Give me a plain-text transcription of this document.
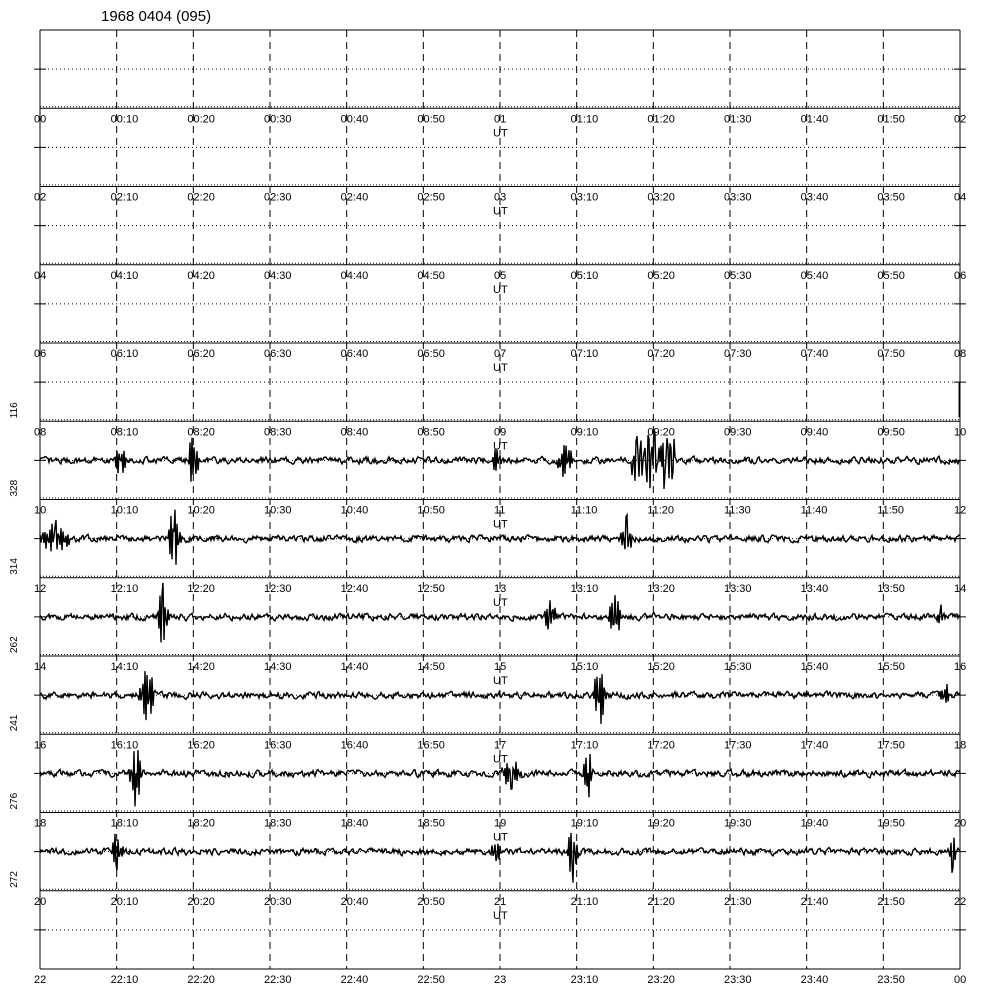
1968 0404 (095)
00	00:10	00:20	00:30	00:40	00:50	01	01:10	01:20	01:30	01:40	01:50	02
UT
02	02:10	02:20	02:30	02:40	02:50	03	03:10	03:20	03:30	03:40	03:50	04
UT
04	04:10	04:20	04:30	04:40	04:50	05	05:10	05:20	05:30	05:40	05:50	06
UT
06	06:10	06:20	06:30	06:40	06:50	07	07:10	07:20	07:30	07:40	07:50	08
UT
08	08:10	08:20	08:30	08:40	08:50	09	09:10	09:20	09:30	09:40	09:50	10
UT
116
10	10:10	10:20	10:30	10:40	10:50	11	11:10	11:20	11:30	11:40	11:50	12
UT
328
12	12:10	12:20	12:30	12:40	12:50	13	13:10	13:20	13:30	13:40	13:50	14
UT
314
14	14:10	14:20	14:30	14:40	14:50	15	15:10	15:20	15:30	15:40	15:50	16
UT
262
16	16:10	16:20	16:30	16:40	16:50	17	17:10	17:20	17:30	17:40	17:50	18
UT
241
18	18:10	18:20	18:30	18:40	18:50	19	19:10	19:20	19:30	19:40	19:50	20
UT
276
20	20:10	20:20	20:30	20:40	20:50	21	21:10	21:20	21:30	21:40	21:50	22
UT
272
22	22:10	22:20	22:30	22:40	22:50	23	23:10	23:20	23:30	23:40	23:50	00
